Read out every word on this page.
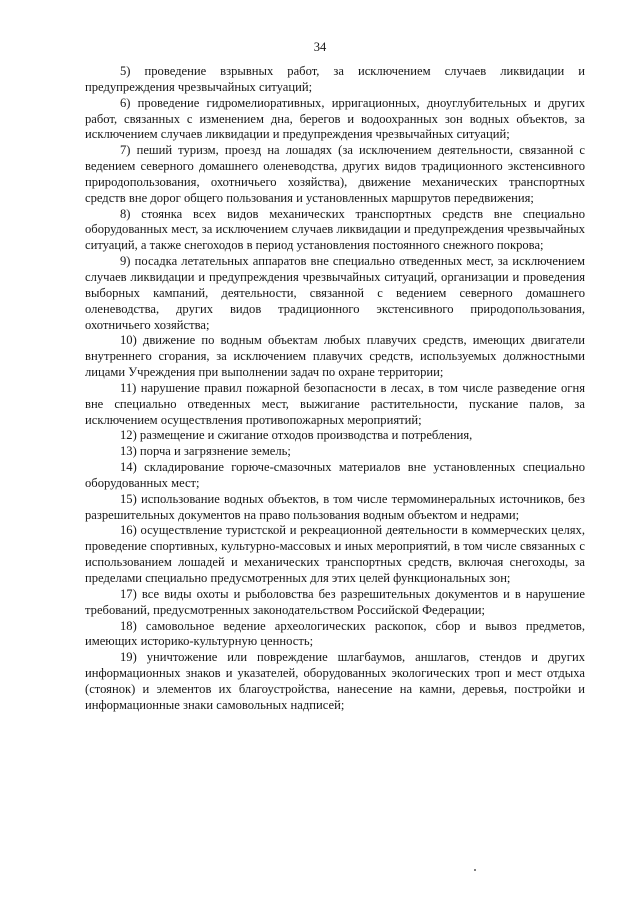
34

5) проведение взрывных работ, за исключением случаев ликвидации и предупреждения чрезвычайных ситуаций;

6) проведение гидромелиоративных, ирригационных, дноуглубительных и других работ, связанных с изменением дна, берегов и водоохранных зон водных объектов, за исключением случаев ликвидации и предупреждения чрезвычайных ситуаций;

7) пеший туризм, проезд на лошадях (за исключением деятельности, связанной с ведением северного домашнего оленеводства, других видов традиционного экстенсивного природопользования, охотничьего хозяйства), движение механических транспортных средств вне дорог общего пользования и установленных маршрутов передвижения;

8) стоянка всех видов механических транспортных средств вне специально оборудованных мест, за исключением случаев ликвидации и предупреждения чрезвычайных ситуаций, а также снегоходов в период установления постоянного снежного покрова;

9) посадка летательных аппаратов вне специально отведенных мест, за исключением случаев ликвидации и предупреждения чрезвычайных ситуаций, организации и проведения выборных кампаний, деятельности, связанной с ведением северного домашнего оленеводства, других видов традиционного экстенсивного природопользования, охотничьего хозяйства;

10) движение по водным объектам любых плавучих средств, имеющих двигатели внутреннего сгорания, за исключением плавучих средств, используемых должностными лицами Учреждения при выполнении задач по охране территории;

11) нарушение правил пожарной безопасности в лесах, в том числе разведение огня вне специально отведенных мест, выжигание растительности, пускание палов, за исключением осуществления противопожарных мероприятий;

12) размещение и сжигание отходов производства и потребления,

13) порча и загрязнение земель;

14) складирование горюче-смазочных материалов вне установленных специально оборудованных мест;

15) использование водных объектов, в том числе термоминеральных источников, без разрешительных документов на право пользования водным объектом и недрами;

16) осуществление туристской и рекреационной деятельности в коммерческих целях, проведение спортивных, культурно-массовых и иных мероприятий, в том числе связанных с использованием лошадей и механических транспортных средств, включая снегоходы, за пределами специально предусмотренных для этих целей функциональных зон;

17) все виды охоты и рыболовства без разрешительных документов и в нарушение требований, предусмотренных законодательством Российской Федерации;

18) самовольное ведение археологических раскопок, сбор и вывоз предметов, имеющих историко-культурную ценность;

19) уничтожение или повреждение шлагбаумов, аншлагов, стендов и других информационных знаков и указателей, оборудованных экологических троп и мест отдыха (стоянок) и элементов их благоустройства, нанесение на камни, деревья, постройки и информационные знаки самовольных надписей;
